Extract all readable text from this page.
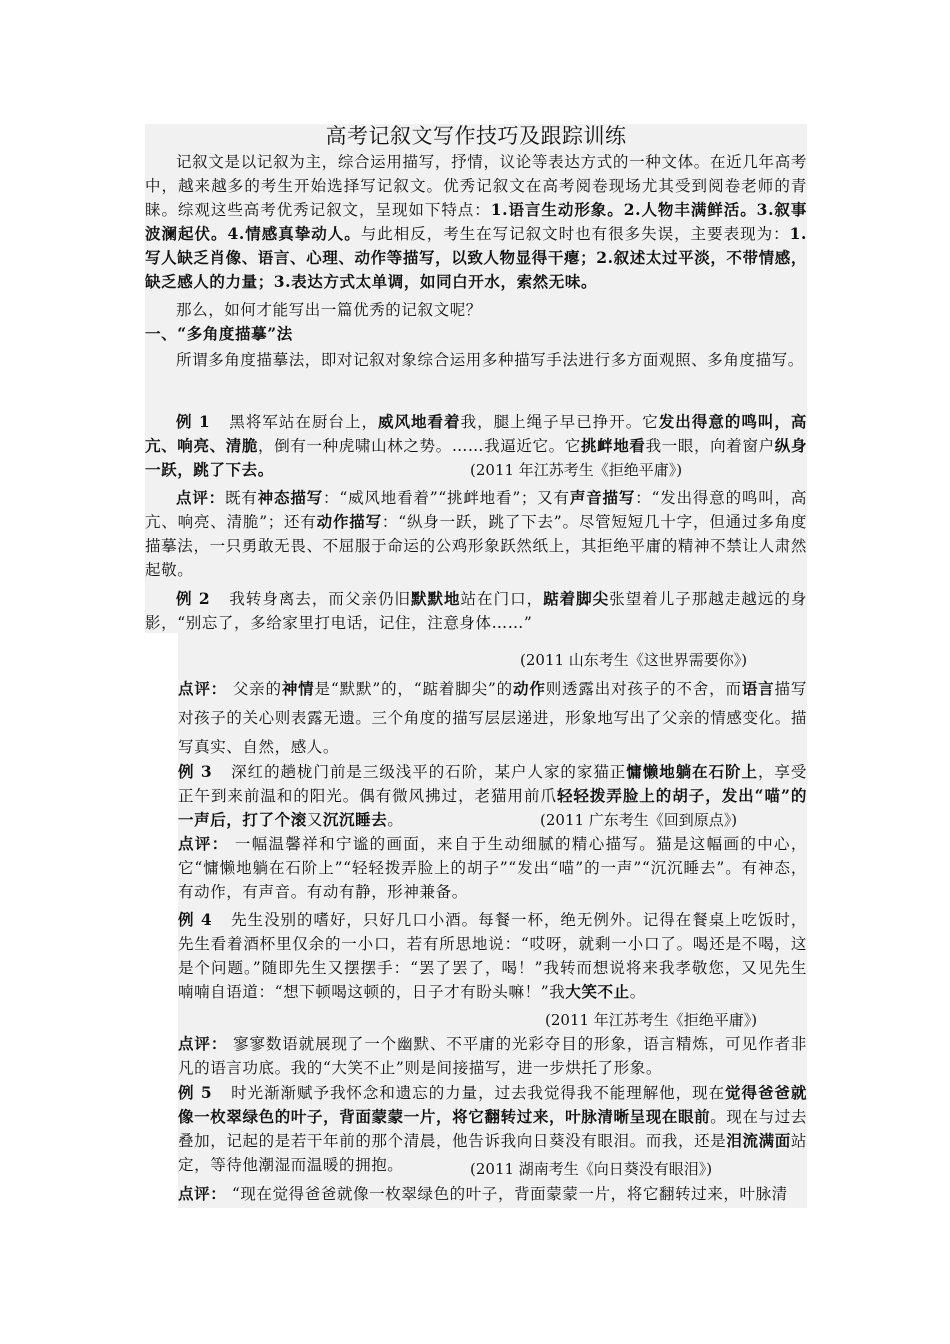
高考记叙文写作技巧及跟踪训练
记叙文是以记叙为主，综合运用描写，抒情，议论等表达方式的一种文体。在近几年高考中，越来越多的考生开始选择写记叙文。优秀记叙文在高考阅卷现场尤其受到阅卷老师的青睐。综观这些高考优秀记叙文，呈现如下特点：1.语言生动形象。2.人物丰满鲜活。3.叙事波澜起伏。4.情感真挚动人。与此相反，考生在写记叙文时也有很多失误，主要表现为：1.写人缺乏肖像、语言、心理、动作等描写，以致人物显得干瘪；2.叙述太过平淡，不带情感，缺乏感人的力量；3.表达方式太单调，如同白开水，索然无味。
那么，如何才能写出一篇优秀的记叙文呢？
一、“多角度描摹”法
所谓多角度描摹法，即对记叙对象综合运用多种描写手法进行多方面观照、多角度描写。
例 1 黑将军站在厨台上，威风地看着我，腿上绳子早已挣开。它发出得意的鸣叫，高亢、响亮、清脆，倒有一种虎啸山林之势。……我逼近它。它挑衅地看我一眼，向着窗户纵身一跃，跳了下去。	(2011 年江苏考生《拒绝平庸》)
点评：既有神态描写：“威风地看着”“挑衅地看”；又有声音描写：“发出得意的鸣叫，高亢、响亮、清脆”；还有动作描写：“纵身一跃，跳了下去”。尽管短短几十字，但通过多角度描摹法，一只勇敢无畏、不屈服于命运的公鸡形象跃然纸上，其拒绝平庸的精神不禁让人肃然起敬。
例 2 我转身离去，而父亲仍旧默默地站在门口，踮着脚尖张望着儿子那越走越远的身影，“别忘了，多给家里打电话，记住，注意身体……”
(2011 山东考生《这世界需要你》)
点评： 父亲的神情是“默默”的，“踮着脚尖”的动作则透露出对孩子的不舍，而语言描写对孩子的关心则表露无遗。三个角度的描写层层递进，形象地写出了父亲的情感变化。描写真实、自然，感人。
例 3 深红的趟栊门前是三级浅平的石阶，某户人家的家猫正慵懒地躺在石阶上，享受正午到来前温和的阳光。偶有微风拂过，老猫用前爪轻轻拨弄脸上的胡子，发出“喵”的一声后，打了个滚又沉沉睡去。	(2011 广东考生《回到原点》)
点评： 一幅温馨祥和宁谧的画面，来自于生动细腻的精心描写。猫是这幅画的中心，它“慵懒地躺在石阶上”“轻轻拨弄脸上的胡子”“发出“喵”的一声”“沉沉睡去”。有神态，有动作，有声音。有动有静，形神兼备。
例 4 先生没别的嗜好，只好几口小酒。每餐一杯，绝无例外。记得在餐桌上吃饭时，先生看着酒杯里仅余的一小口，若有所思地说：“哎呀，就剩一小口了。喝还是不喝，这是个问题。”随即先生又摆摆手：“罢了罢了，喝！”我转而想说将来我孝敬您，又见先生喃喃自语道：“想下顿喝这顿的，日子才有盼头嘛！”我大笑不止。
(2011 年江苏考生《拒绝平庸》)
点评： 寥寥数语就展现了一个幽默、不平庸的光彩夺目的形象，语言精炼，可见作者非凡的语言功底。我的“大笑不止”则是间接描写，进一步烘托了形象。
例 5 时光渐渐赋予我怀念和遗忘的力量，过去我觉得我不能理解他，现在觉得爸爸就像一枚翠绿色的叶子，背面蒙蒙一片，将它翻转过来，叶脉清晰呈现在眼前。现在与过去叠加，记起的是若干年前的那个清晨，他告诉我向日葵没有眼泪。而我，还是泪流满面站定，等待他潮湿而温暖的拥抱。	(2011 湖南考生《向日葵没有眼泪》)
点评： “现在觉得爸爸就像一枚翠绿色的叶子，背面蒙蒙一片，将它翻转过来，叶脉清
